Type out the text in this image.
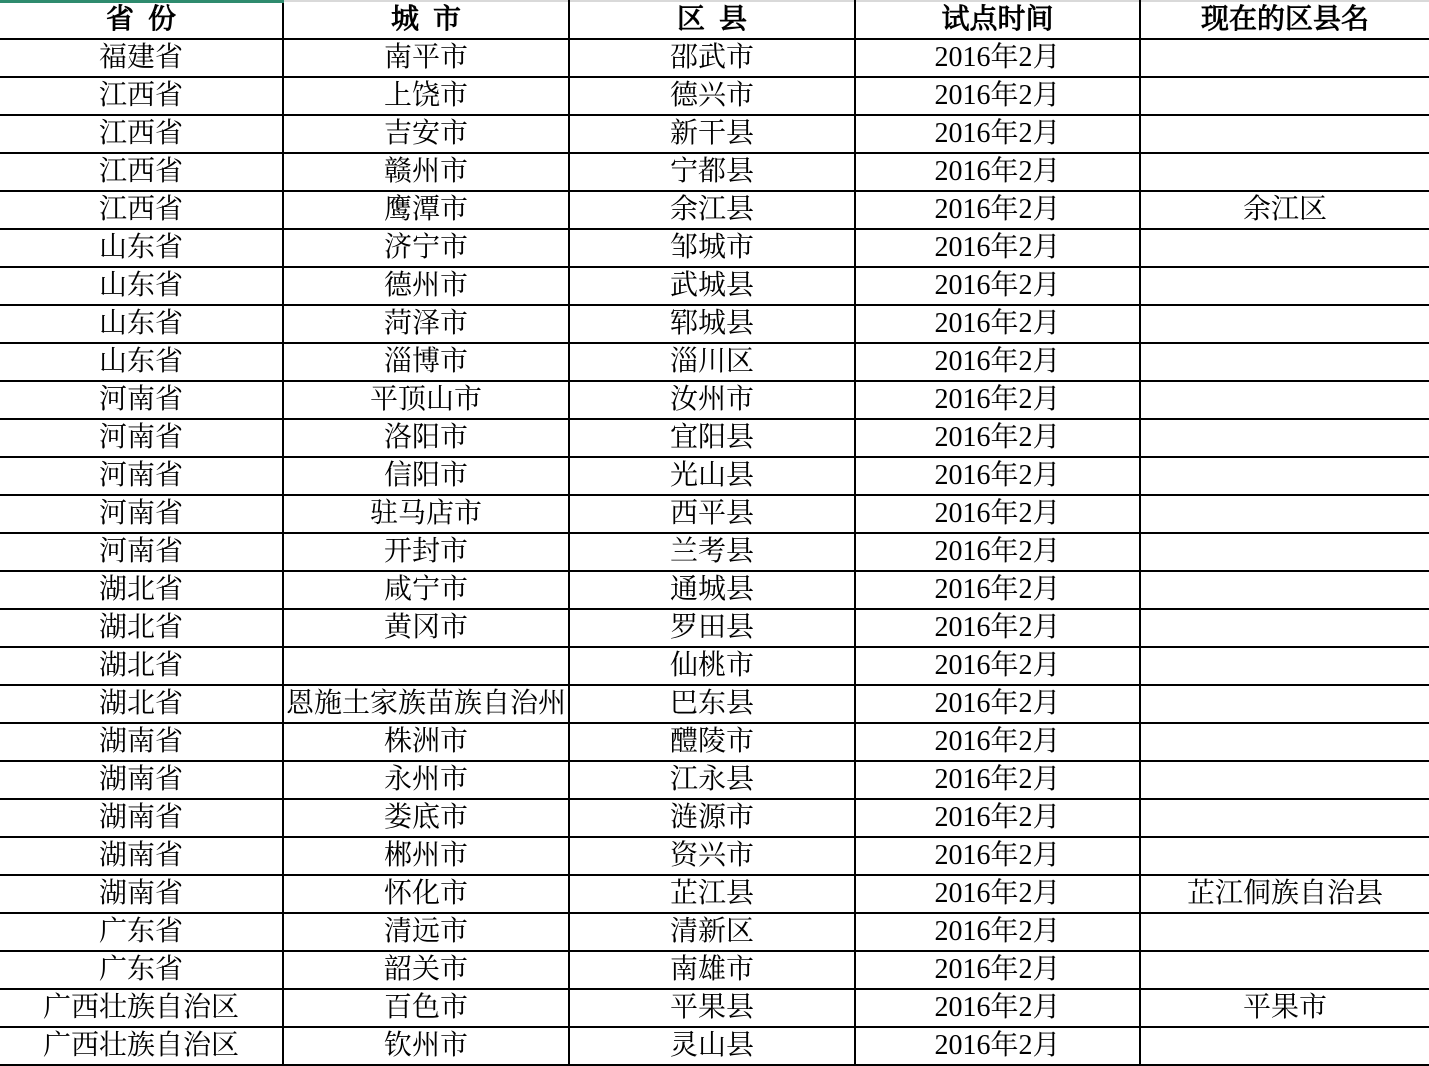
省份	城市	区县	试点时间	现在的区县名
福建省	南平市	邵武市	2016年2月	
江西省	上饶市	德兴市	2016年2月	
江西省	吉安市	新干县	2016年2月	
江西省	赣州市	宁都县	2016年2月	
江西省	鹰潭市	余江县	2016年2月	余江区
山东省	济宁市	邹城市	2016年2月	
山东省	德州市	武城县	2016年2月	
山东省	菏泽市	郓城县	2016年2月	
山东省	淄博市	淄川区	2016年2月	
河南省	平顶山市	汝州市	2016年2月	
河南省	洛阳市	宜阳县	2016年2月	
河南省	信阳市	光山县	2016年2月	
河南省	驻马店市	西平县	2016年2月	
河南省	开封市	兰考县	2016年2月	
湖北省	咸宁市	通城县	2016年2月	
湖北省	黄冈市	罗田县	2016年2月	
湖北省		仙桃市	2016年2月	
湖北省	恩施土家族苗族自治州	巴东县	2016年2月	
湖南省	株洲市	醴陵市	2016年2月	
湖南省	永州市	江永县	2016年2月	
湖南省	娄底市	涟源市	2016年2月	
湖南省	郴州市	资兴市	2016年2月	
湖南省	怀化市	芷江县	2016年2月	芷江侗族自治县
广东省	清远市	清新区	2016年2月	
广东省	韶关市	南雄市	2016年2月	
广西壮族自治区	百色市	平果县	2016年2月	平果市
广西壮族自治区	钦州市	灵山县	2016年2月	
